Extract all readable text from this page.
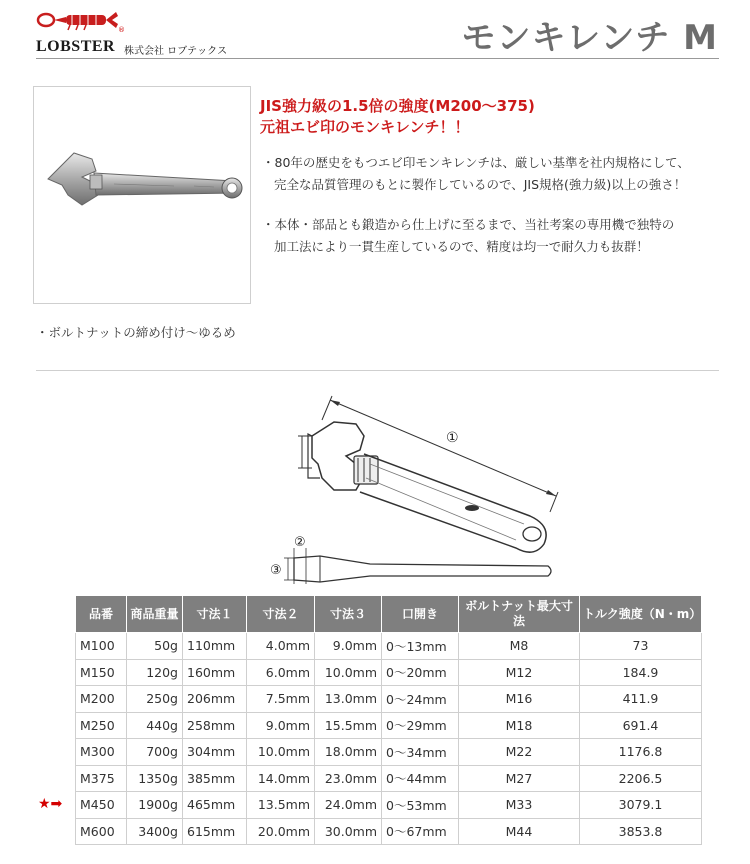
®
LOBSTER 株式会社 ロブテックス	モンキレンチ M
JIS強力級の1.5倍の強度(M200～375)
元祖エビ印のモンキレンチ！！
・80年の歴史をもつエビ印モンキレンチは、厳しい基準を社内規格にして、
完全な品質管理のもとに製作しているので、JIS規格(強力級)以上の強さ！
・本体・部品とも鍛造から仕上げに至るまで、当社考案の専用機で独特の
加工法により一貫生産しているので、精度は均一で耐久力も抜群！
・ボルトナットの締め付け～ゆるめ
①
②
③
品番	商品重量	寸法１	寸法２	寸法３	口開き	ボルトナット最大寸法	トルク強度（N・m）
M100	50g	110mm	4.0mm	9.0mm	0～13mm	M8	73
M150	120g	160mm	6.0mm	10.0mm	0～20mm	M12	184.9
M200	250g	206mm	7.5mm	13.0mm	0～24mm	M16	411.9
M250	440g	258mm	9.0mm	15.5mm	0～29mm	M18	691.4
M300	700g	304mm	10.0mm	18.0mm	0～34mm	M22	1176.8
M375	1350g	385mm	14.0mm	23.0mm	0～44mm	M27	2206.5
M450	1900g	465mm	13.5mm	24.0mm	0～53mm	M33	3079.1
M600	3400g	615mm	20.0mm	30.0mm	0～67mm	M44	3853.8
★➡
